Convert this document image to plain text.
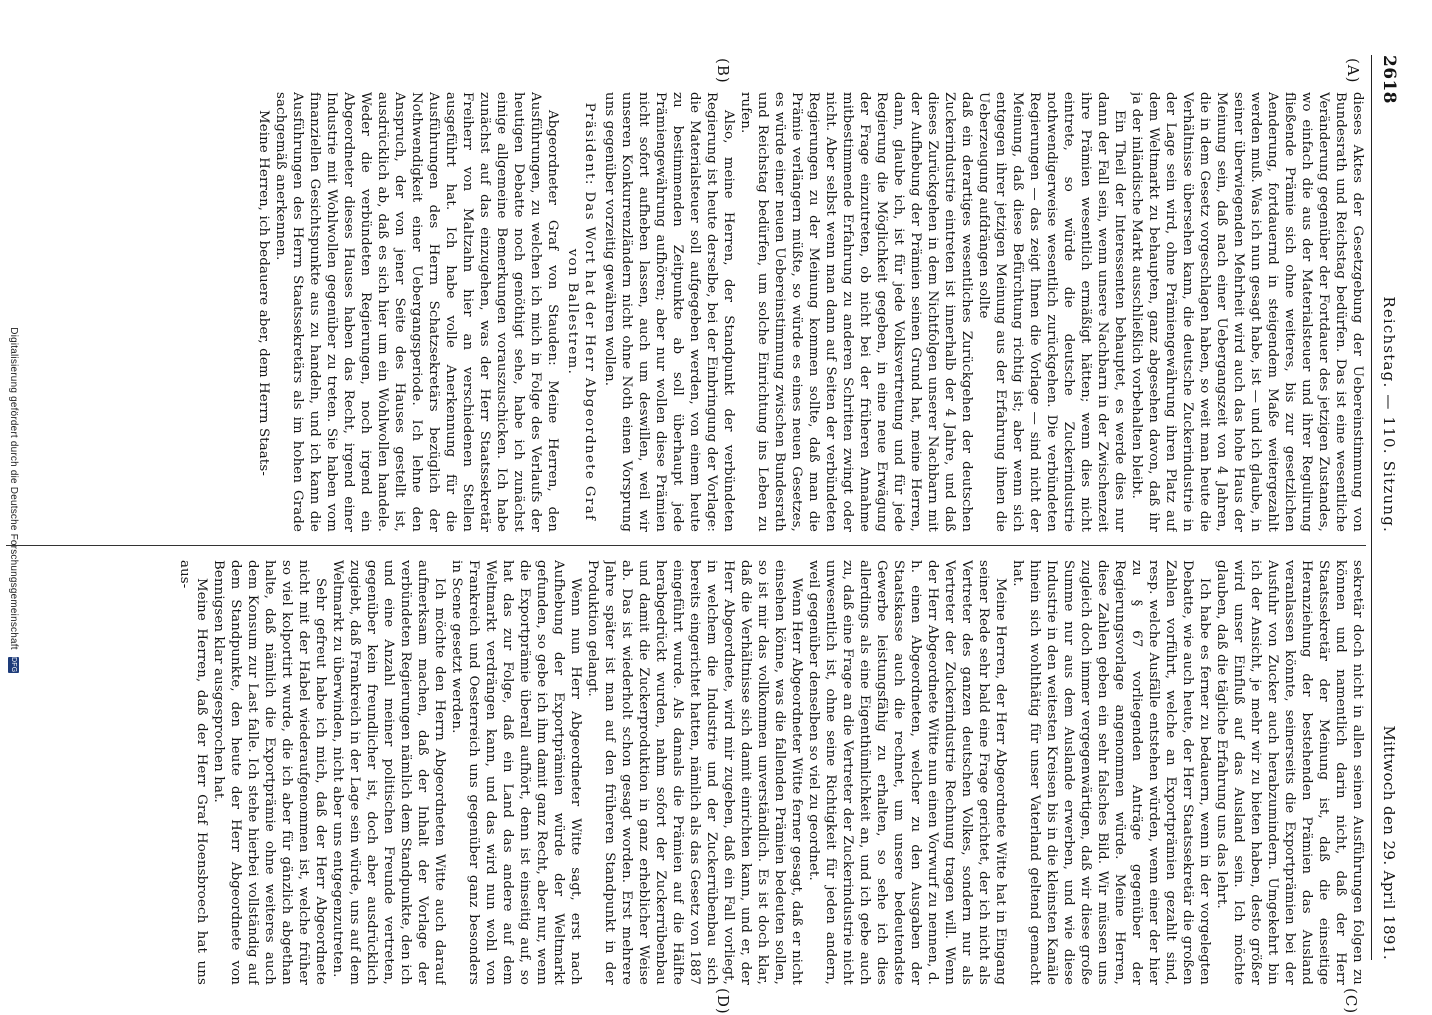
2618
Reichstag. — 110. Sitzung.
Mittwoch den 29. April 1891.
(A)
(B)
(C)
(D)

dieses Aktes der Gesetzgebung der Uebereinstimmung von Bundesrath und Reichstag bedürfen. Das ist eine wesentliche Veränderung gegenüber der Fortdauer des jetzigen Zustandes, wo einfach die aus der Materialsteuer und ihrer Regulirung fließende Prämie sich ohne weiteres, bis zur gesetzlichen Aenderung, fortdauernd in steigendem Maße weitergezahlt werden muß. Was ich nun gesagt habe, ist — und ich glaube, in seiner überwiegenden Mehrheit wird auch das hohe Haus der Meinung sein, daß nach einer Uebergangszeit von 4 Jahren, die in dem Gesetz vorgeschlagen haben, so weit man heute die Verhältnisse übersehen kann, die deutsche Zuckerindustrie in der Lage sein wird, ohne Prämiengewährung ihren Platz auf dem Weltmarkt zu behaupten, ganz abgesehen davon, daß ihr ja der inländische Markt ausschließlich vorbehalten bleibt.

Ein Theil der Interessenten behauptet, es werde dies nur dann der Fall sein, wenn unsere Nachbarn in der Zwischenzeit ihre Prämien wesentlich ermäßigt hätten; wenn dies nicht eintrete, so würde die deutsche Zuckerindustrie nothwendigerweise wesentlich zurückgehen. Die verbündeten Regierungen — das zeigt Ihnen die Vorlage — sind nicht der Meinung, daß diese Befürchtung richtig ist; aber wenn sich entgegen ihrer jetzigen Meinung aus der Erfahrung ihnen die Ueberzeugung aufdrängen sollte

daß ein derartiges wesentliches Zurückgehen der deutschen Zuckerindustrie eintreten ist innerhalb der 4 Jahre, und daß dieses Zurückgehen in dem Nichtfolgen unserer Nachbarn mit der Aufhebung der Prämien seinen Grund hat, meine Herren, dann, glaube ich, ist für jede Volksvertretung und für jede Regierung die Möglichkeit gegeben, in eine neue Erwägung der Frage einzutreten, ob nicht bei der früheren Annahme mitbestimmende Erfahrung zu anderen Schritten zwingt oder nicht. Aber selbst wenn man dann auf Seiten der verbündeten Regierungen zu der Meinung kommen sollte, daß man die Prämie verlängern müßte, so würde es eines neuen Gesetzes, es würde einer neuen Uebereinstimmung zwischen Bundesrath und Reichstag bedürfen, um solche Einrichtung ins Leben zu rufen.

Also, meine Herren, der Standpunkt der verbündeten Regierung ist heute derselbe, bei der Einbringung der Vorlage: die Materialsteuer soll aufgegeben werden, von einem heute zu bestimmenden Zeitpunkte ab soll überhaupt jede Prämiengewährung aufhören; aber nur wollen diese Prämien nicht sofort aufheben lassen, auch um deswillen, weil wir unseren Konkurrenzländern nicht ohne Noth einen Vorsprung uns gegenüber vorzeitig gewähren wollen.

Präsident: Das Wort hat der Herr Abgeordnete Graf von Ballestrem.

Abgeordneter Graf von Stauden: Meine Herren, den Ausführungen, zu welchen ich mich in Folge des Verlaufs der heutigen Debatte noch genöthigt sehe, habe ich zunächst einige allgemeine Bemerkungen vorauszuschicken. Ich habe zunächst auf das einzugehen, was der Herr Staatssekretär Freiherr von Maltzahn hier an verschiedenen Stellen ausgeführt hat. Ich habe volle Anerkennung für die Ausführungen des Herrn Schatzsekretärs bezüglich der Nothwendigkeit einer Uebergangsperiode. Ich lehne den Anspruch, der von jener Seite des Hauses gestellt ist, ausdrücklich ab, daß es sich hier um ein Wohlwollen handele. Weder die verbündeten Regierungen, noch irgend ein Abgeordneter dieses Hauses haben das Recht, irgend einer Industrie mit Wohlwollen gegenüber zu treten. Sie haben vom finanziellen Gesichtspunkte aus zu handeln, und ich kann die Ausführungen des Herrn Staatssekretärs als im hohen Grade sachgemäß anerkennen.

Meine Herren, ich bedauere aber, dem Herrn Staats-

sekretär doch nicht in allen seinen Ausführungen folgen zu können und namentlich darin nicht, daß der Herr Staatssekretär der Meinung ist, daß die einseitige Heranziehung der bestehenden Prämien das Ausland veranlassen könnte, seinerseits die Exportprämien bei der Ausfuhr von Zucker auch herabzumindern. Umgekehrt bin ich der Ansicht, je mehr wir zu bieten haben, desto größer wird unser Einfluß auf das Ausland sein. Ich möchte glauben, daß die tägliche Erfahrung uns das lehrt.

Ich habe es ferner zu bedauern, wenn in der vorgelegten Debatte, wie auch heute, der Herr Staatssekretär die großen Zahlen vorführt, welche an Exportprämien gezahlt sind, resp. welche Ausfälle entstehen würden, wenn einer der hier zu § 67 vorliegenden Anträge gegenüber der Regierungsvorlage angenommen würde. Meine Herren, diese Zahlen geben ein sehr falsches Bild. Wir müssen uns zugleich doch immer vergegenwärtigen, daß wir diese große Summe nur aus dem Auslande erwerben, und wie diese Industrie in den weitesten Kreisen bis in die kleinsten Kanäle hinein sich wohlthätig für unser Vaterland geltend gemacht hat.

Meine Herren, der Herr Abgeordnete Witte hat in Eingang seiner Rede sehr bald eine Frage gerichtet, der ich nicht als Vertreter des ganzen deutschen Volkes, sondern nur als Vertreter der Zuckerindustrie Rechnung tragen will. Wenn der Herr Abgeordnete Witte nun einen Vorwurf zu nennen, d. h. einen Abgeordneten, welcher zu den Ausgaben der Staatskasse auch die rechnet, um unsere bedeutendste Gewerbe leistungsfähig zu erhalten, so sehe ich dies allerdings als eine Eigenthümlichkeit an, und ich gebe auch zu, daß eine Frage an die Vertreter der Zuckerindustrie nicht unwesentlich ist, ohne seine Richtigkeit für jeden andern, weil gegenüber denselben so viel zu geordnet.

Wenn Herr Abgeordneter Witte ferner gesagt, daß er nicht einsehen könne, was die fallenden Prämien bedeuten sollen, so ist mir das vollkommen unverständlich. Es ist doch klar, daß die Verhältnisse sich damit einrichten kann, und er, der Herr Abgeordnete, wird mir zugeben, daß ein Fall vorliegt, in welchem die Industrie und der Zuckerrübenbau sich bereits eingerichtet hatten, nämlich als das Gesetz von 1887 eingeführt wurde. Als damals die Prämien auf die Hälfte herabgedrückt wurden, nahm sofort der Zuckerrübenbau und damit die Zuckerproduktion in ganz erheblicher Weise ab. Das ist wiederholt schon gesagt worden. Erst mehrere Jahre später ist man auf den früheren Standpunkt in der Produktion gelangt.

Wenn nun Herr Abgeordneter Witte sagt, erst nach Aufhebung der Exportprämien würde der Weltmarkt gefunden, so gebe ich ihm damit ganz Recht, aber nur, wenn die Exportprämie überall aufhört, denn ist einseitig auf, so hat das zur Folge, daß ein Land das andere auf dem Weltmarkt verdrängen kann, und das wird nun wohl von Frankreich und Oesterreich uns gegenüber ganz besonders in Scene gesetzt werden.

Ich möchte den Herrn Abgeordneten Witte auch darauf aufmerksam machen, daß der Inhalt der Vorlage der verbündeten Regierungen nämlich dem Standpunkte, den ich und eine Anzahl meiner politischen Freunde vertreten, gegenüber kein freundlicher ist, doch aber ausdrücklich zugiebt, daß Frankreich in der Lage sein würde, uns auf dem Weltmarkt zu überwinden, nicht aber uns entgegenzutreten.

Sehr gefreut habe ich mich, daß der Herr Abgeordnete nicht mit der Habel wiederaufgenommen ist, welche früher so viel kolportirt wurde, die ich aber für gänzlich abgethan halte, daß nämlich die Exportprämie ohne weiteres auch dem Konsum zur Last falle. Ich stehe hierbei vollständig auf dem Standpunkte, den heute der Herr Abgeordnete von Bennigsen klar ausgesprochen hat.

Meine Herren, daß der Herr Graf Hoensbroech hat uns aus-

Digitalisierung gefördert durch die Deutsche Forschungsgemeinschaft DFG
